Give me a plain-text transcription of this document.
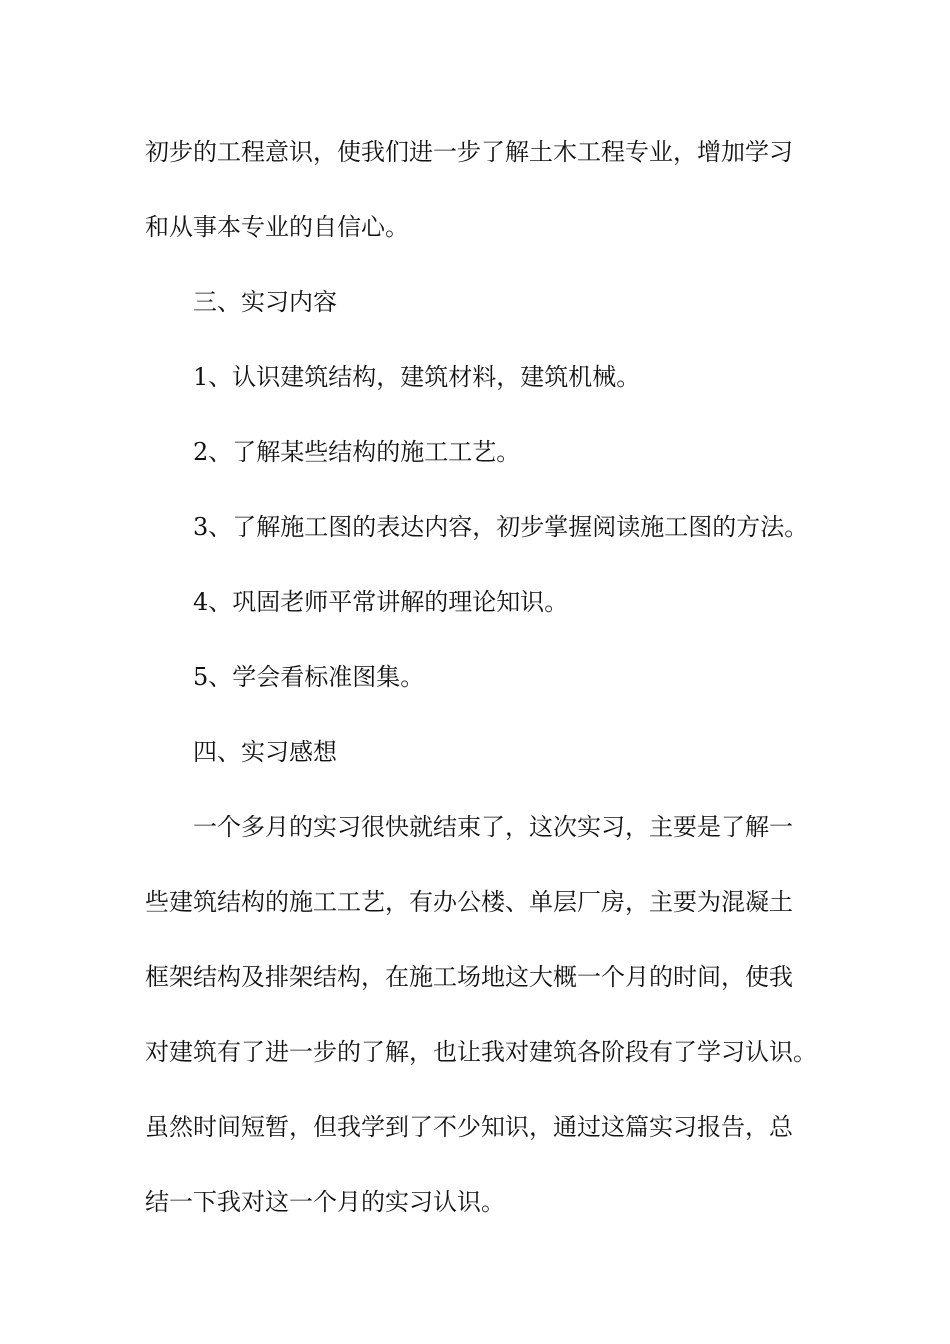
初步的工程意识，使我们进一步了解土木工程专业，增加学习
和从事本专业的自信心。
三、实习内容
1、认识建筑结构，建筑材料，建筑机械。
2、了解某些结构的施工工艺。
3、了解施工图的表达内容，初步掌握阅读施工图的方法。
4、巩固老师平常讲解的理论知识。
5、学会看标准图集。
四、实习感想
一个多月的实习很快就结束了，这次实习，主要是了解一
些建筑结构的施工工艺，有办公楼、单层厂房，主要为混凝土
框架结构及排架结构，在施工场地这大概一个月的时间，使我
对建筑有了进一步的了解，也让我对建筑各阶段有了学习认识。
虽然时间短暂，但我学到了不少知识，通过这篇实习报告，总
结一下我对这一个月的实习认识。
